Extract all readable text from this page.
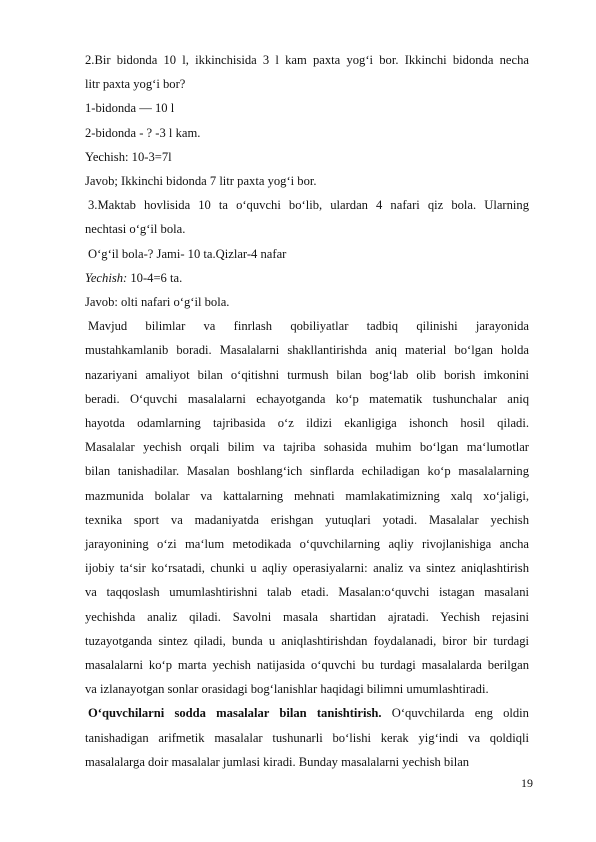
2.Bir bidonda 10 l, ikkinchisida 3 l kam paxta yog‘i bor. Ikkinchi bidonda necha
litr paxta yog‘i bor?
1-bidonda — 10 l
2-bidonda - ? -3 l kam.
Yechish: 10-3=7l
Javob; Ikkinchi bidonda 7 litr paxta yog‘i bor.
3.Maktab hovlisida 10 ta o‘quvchi bo‘lib, ulardan 4 nafari qiz bola. Ularning
nechtasi o‘g‘il bola.
O‘g‘il bola-? Jami- 10 ta.Qizlar-4 nafar
Yechish: 10-4=6 ta.
Javob: olti nafari o‘g‘il bola.
Mavjud bilimlar va finrlash qobiliyatlar tadbiq qilinishi jarayonida
mustahkamlanib boradi. Masalalarni shakllantirishda aniq material bo‘lgan holda
nazariyani amaliyot bilan o‘qitishni turmush bilan bog‘lab olib borish imkonini
beradi. O‘quvchi masalalarni echayotganda ko‘p matematik tushunchalar aniq
hayotda odamlarning tajribasida o‘z ildizi ekanligiga ishonch hosil qiladi.
Masalalar yechish orqali bilim va tajriba sohasida muhim bo‘lgan ma‘lumotlar
bilan tanishadilar. Masalan boshlang‘ich sinflarda echiladigan ko‘p masalalarning
mazmunida bolalar va kattalarning mehnati mamlakatimizning xalq xo‘jaligi,
texnika sport va madaniyatda erishgan yutuqlari yotadi. Masalalar yechish
jarayonining o‘zi ma‘lum metodikada o‘quvchilarning aqliy rivojlanishiga ancha
ijobiy ta‘sir ko‘rsatadi, chunki u aqliy operasiyalarni: analiz va sintez aniqlashtirish
va taqqoslash umumlashtirishni talab etadi. Masalan:o‘quvchi istagan masalani
yechishda analiz qiladi. Savolni masala shartidan ajratadi. Yechish rejasini
tuzayotganda sintez qiladi, bunda u aniqlashtirishdan foydalanadi, biror bir turdagi
masalalarni ko‘p marta yechish natijasida o‘quvchi bu turdagi masalalarda berilgan
va izlanayotgan sonlar orasidagi bog‘lanishlar haqidagi bilimni umumlashtiradi.
O‘quvchilarni sodda masalalar bilan tanishtirish. O‘quvchilarda eng oldin
tanishadigan arifmetik masalalar tushunarli bo‘lishi kerak yig‘indi va qoldiqli
masalalarga doir masalalar jumlasi kiradi. Bunday masalalarni yechish bilan
19
